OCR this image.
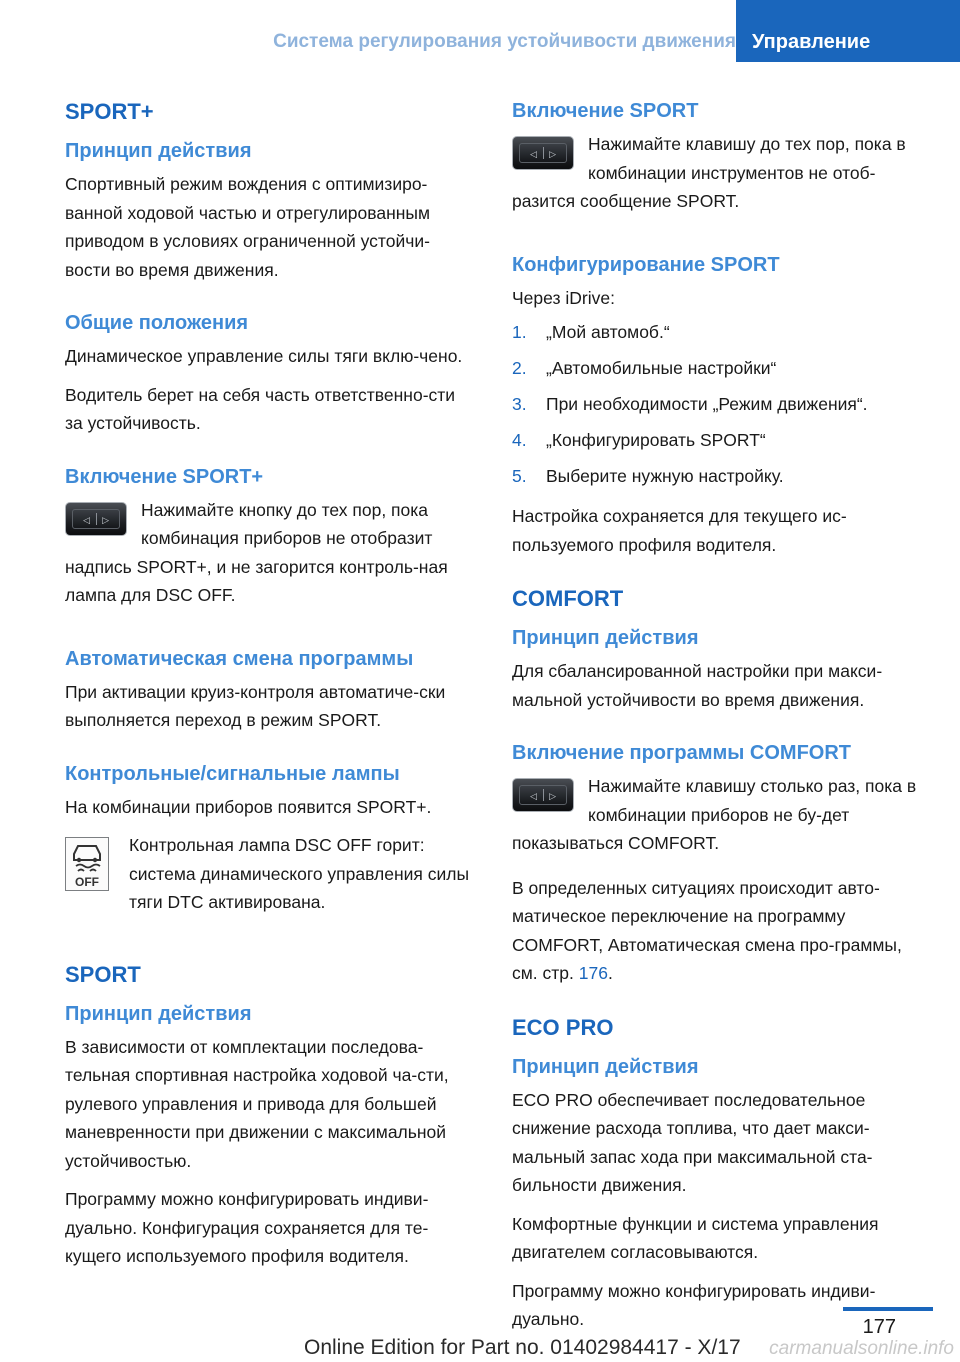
Система регулирования устойчивости движения Управление
SPORT+
Принцип действия
Спортивный режим вождения с оптимизиро-ванной ходовой частью и отрегулированным приводом в условиях ограниченной устойчи-вости во время движения.
Общие положения
Динамическое управление силы тяги вклю-чено.
Водитель берет на себя часть ответственно-сти за устойчивость.
Включение SPORT+
◁ ▷	Нажимайте кнопку до тех пор, пока комбинация приборов не отобразит надпись SPORT+, и не загорится контроль-ная лампа для DSC OFF.
Автоматическая смена программы
При активации круиз-контроля автоматиче-ски выполняется переход в режим SPORT.
Контрольные/сигнальные лампы
На комбинации приборов появится SPORT+.
OFF
Контрольная лампа DSC OFF горит: система динамического управления силы тяги DTC активирована.
SPORT
Принцип действия
В зависимости от комплектации последова-тельная спортивная настройка ходовой ча-сти, рулевого управления и привода для большей маневренности при движении с максимальной устойчивостью.
Программу можно конфигурировать индиви-дуально. Конфигурация сохраняется для те-кущего используемого профиля водителя.
Включение SPORT
◁ ▷	Нажимайте клавишу до тех пор, пока в комбинации инструментов не отоб-разится сообщение SPORT.
Конфигурирование SPORT
Через iDrive:
1.	„Мой автомоб.“
2.	„Автомобильные настройки“
3.	При необходимости „Режим движения“.
4.	„Конфигурировать SPORT“
5.	Выберите нужную настройку.
Настройка сохраняется для текущего ис-пользуемого профиля водителя.
COMFORT
Принцип действия
Для сбалансированной настройки при макси-мальной устойчивости во время движения.
Включение программы COMFORT
◁ ▷	Нажимайте клавишу столько раз, пока в комбинации приборов не бу-дет показываться COMFORT.
В определенных ситуациях происходит авто-матическое переключение на программу COMFORT, Автоматическая смена про-граммы, см. стр. 176.
ECO PRO
Принцип действия
ECO PRO обеспечивает последовательное снижение расхода топлива, что дает макси-мальный запас хода при максимальной ста-бильности движения.
Комфортные функции и система управления двигателем согласовываются.
Программу можно конфигурировать индиви-дуально.	177
Online Edition for Part no. 01402984417 - X/17 carmanualsonline.info
